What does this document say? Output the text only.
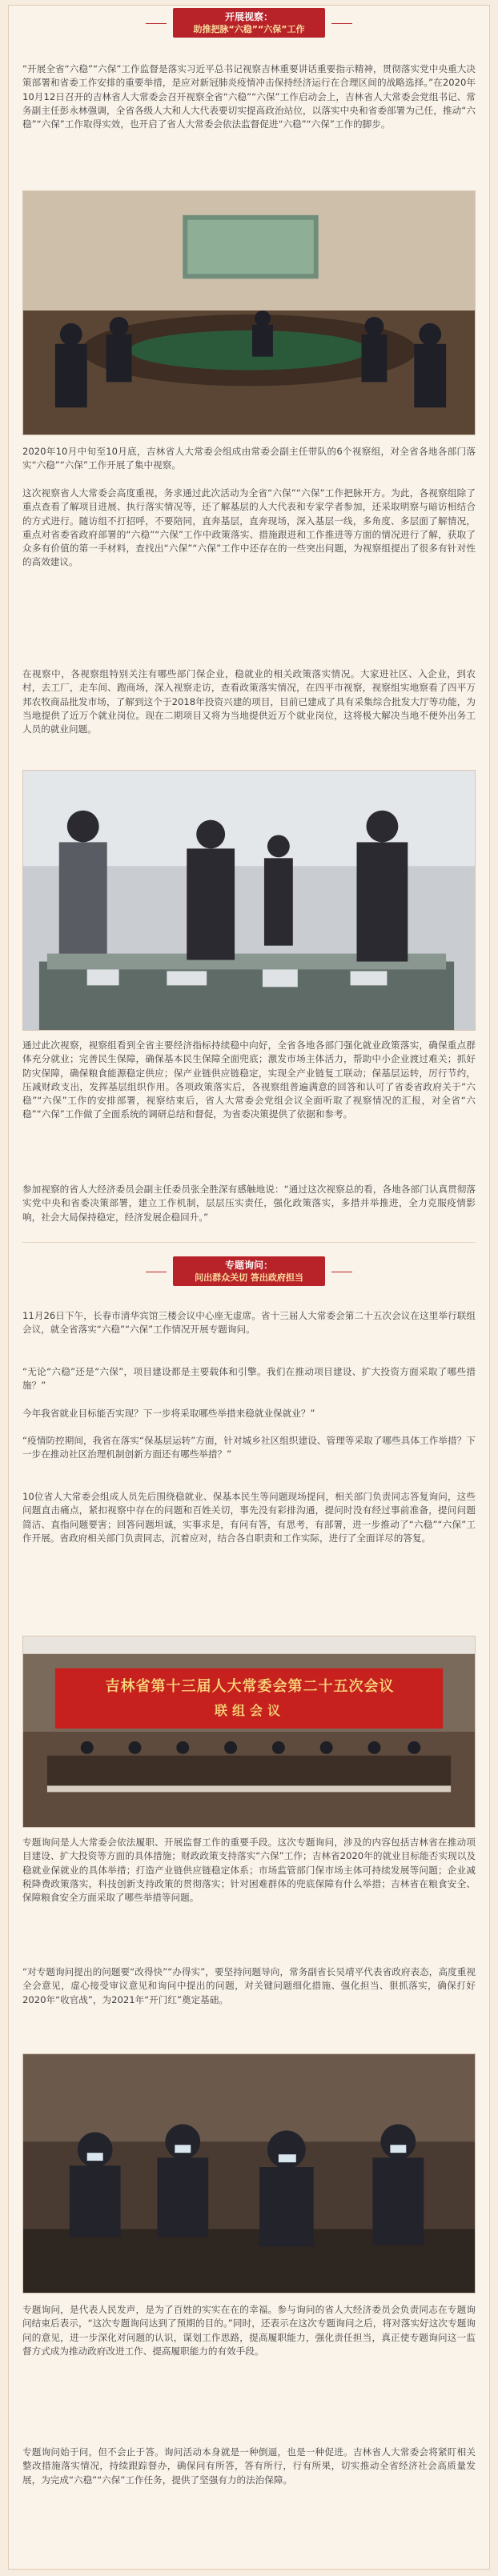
开展视察：
助推把脉“六稳”“六保”工作
“开展全省“六稳”“六保”工作监督是落实习近平总书记视察吉林重要讲话重要指示精神，贯彻落实党中央重大决策部署和省委工作安排的重要举措，是应对新冠肺炎疫情冲击保持经济运行在合理区间的战略选择。”在2020年10月12日召开的吉林省人大常委会召开视察全省“六稳”“六保”工作启动会上，吉林省人大常委会党组书记、常务副主任彭永林强调，全省各级人大和人大代表要切实提高政治站位，以落实中央和省委部署为己任，推动“六稳”“六保”工作取得实效，也开启了省人大常委会依法监督促进“六稳”“六保”工作的脚步。
2020年10月中旬至10月底，吉林省人大常委会组成由常委会副主任带队的6个视察组，对全省各地各部门落实“六稳”“六保”工作开展了集中视察。
这次视察省人大常委会高度重视，务求通过此次活动为全省“六保”“六保”工作把脉开方。为此，各视察组除了重点查看了解项目进展、执行落实情况等，还了解基层的人大代表和专家学者参加，还采取明察与暗访相结合的方式进行。随访组不打招呼，不要陪同，直奔基层，直奔现场，深入基层一线，多角度、多层面了解情况，重点对省委省政府部署的“六稳”“六保”工作中政策落实、措施跟进和工作推进等方面的情况进行了解，获取了众多有价值的第一手材料，查找出“六保”“六保”工作中还存在的一些突出问题，为视察组提出了很多有针对性的高效建议。
在视察中，各视察组特别关注有哪些部门保企业，稳就业的相关政策落实情况。大家进社区、入企业，到农村，去工厂，走车间、跑商场，深入视察走访，查看政策落实情况，在四平市视察，视察组实地察看了四平万邦农牧商品批发市场，了解到这个于2018年投资兴建的项目，目前已建成了具有采集综合批发大厅等功能，为当地提供了近万个就业岗位。现在二期项目又将为当地提供近万个就业岗位，这将极大解决当地不便外出务工人员的就业问题。
通过此次视察，视察组看到全省主要经济指标持续稳中向好，全省各地各部门强化就业政策落实，确保重点群体充分就业；完善民生保障，确保基本民生保障全面兜底；激发市场主体活力，帮助中小企业渡过难关；抓好防灾保障，确保粮食能源稳定供应；保产业链供应链稳定，实现全产业链复工联动；保基层运转，厉行节约，压减财政支出，发挥基层组织作用。各项政策落实后，各视察组普遍满意的回答和认可了省委省政府关于“六稳”“六保”工作的安排部署，视察结束后，省人大常委会党组会议全面听取了视察情况的汇报，对全省“六稳”“六保”工作做了全面系统的调研总结和督促，为省委决策提供了依据和参考。
参加视察的省人大经济委员会副主任委员张全胜深有感触地说：“通过这次视察总的看，各地各部门认真贯彻落实党中央和省委决策部署，建立工作机制，层层压实责任，强化政策落实，多措并举推进，全力克服疫情影响，社会大局保持稳定，经济发展企稳回升。”
专题询问：
问出群众关切 答出政府担当
11月26日下午，长春市清华宾馆三楼会议中心座无虚席。省十三届人大常委会第二十五次会议在这里举行联组会议，就全省落实“六稳”“六保”工作情况开展专题询问。
“无论“六稳”还是“六保”，项目建设都是主要载体和引擎。我们在推动项目建设、扩大投资方面采取了哪些措施？”
今年我省就业目标能否实现？下一步将采取哪些举措来稳就业保就业？”
“疫情防控期间，我省在落实“保基层运转”方面，针对城乡社区组织建设、管理等采取了哪些具体工作举措？下一步在推动社区治理机制创新方面还有哪些举措？”
10位省人大常委会组成人员先后围绕稳就业、保基本民生等问题现场提问，相关部门负责同志答复询问，这些问题直击痛点，紧扣视察中存在的问题和百姓关切，事先没有彩排沟通，提问时没有经过事前准备，提问问题简洁、直指问题要害；回答问题坦诚，实事求是，有问有答，有思考，有部署，进一步推动了“六稳”“六保”工作开展。省政府相关部门负责同志，沉着应对，结合各自职责和工作实际，进行了全面详尽的答复。
吉林省第十三届人大常委会第二十五次会议
联组会议
专题询问是人大常委会依法履职、开展监督工作的重要手段。这次专题询问，涉及的内容包括吉林省在推动项目建设、扩大投资等方面的具体措施；财政政策支持落实“六保”工作；吉林省2020年的就业目标能否实现以及稳就业保就业的具体举措；打造产业链供应链稳定体系；市场监管部门保市场主体可持续发展等问题；企业减税降费政策落实，科技创新支持政策的贯彻落实；针对困难群体的兜底保障有什么举措；吉林省在粮食安全、保障粮食安全方面采取了哪些举措等问题。
“对专题询问提出的问题要“改得快”“办得实”，要坚持问题导向，常务副省长吴靖平代表省政府表态，高度重视全会意见，虚心接受审议意见和询问中提出的问题，对关键问题细化措施、强化担当、狠抓落实，确保打好2020年“收官战”，为2021年“开门红”奠定基础。
专题询问，是代表人民发声，是为了百姓的实实在在的幸福。参与询问的省人大经济委员会负责同志在专题询问结束后表示，“这次专题询问达到了预期的目的。”同时，还表示在这次专题询问之后，将对落实好这次专题询问的意见，进一步深化对问题的认识，谋划工作思路，提高履职能力，强化责任担当，真正使专题询问这一监督方式成为推动政府改进工作、提高履职能力的有效手段。
专题询问始于问，但不会止于答。询问活动本身就是一种倒逼，也是一种促进。吉林省人大常委会将紧盯相关整改措施落实情况，持续跟踪督办，确保问有所答，答有所行，行有所果，切实推动全省经济社会高质量发展，为完成“六稳”“六保”工作任务，提供了坚强有力的法治保障。
